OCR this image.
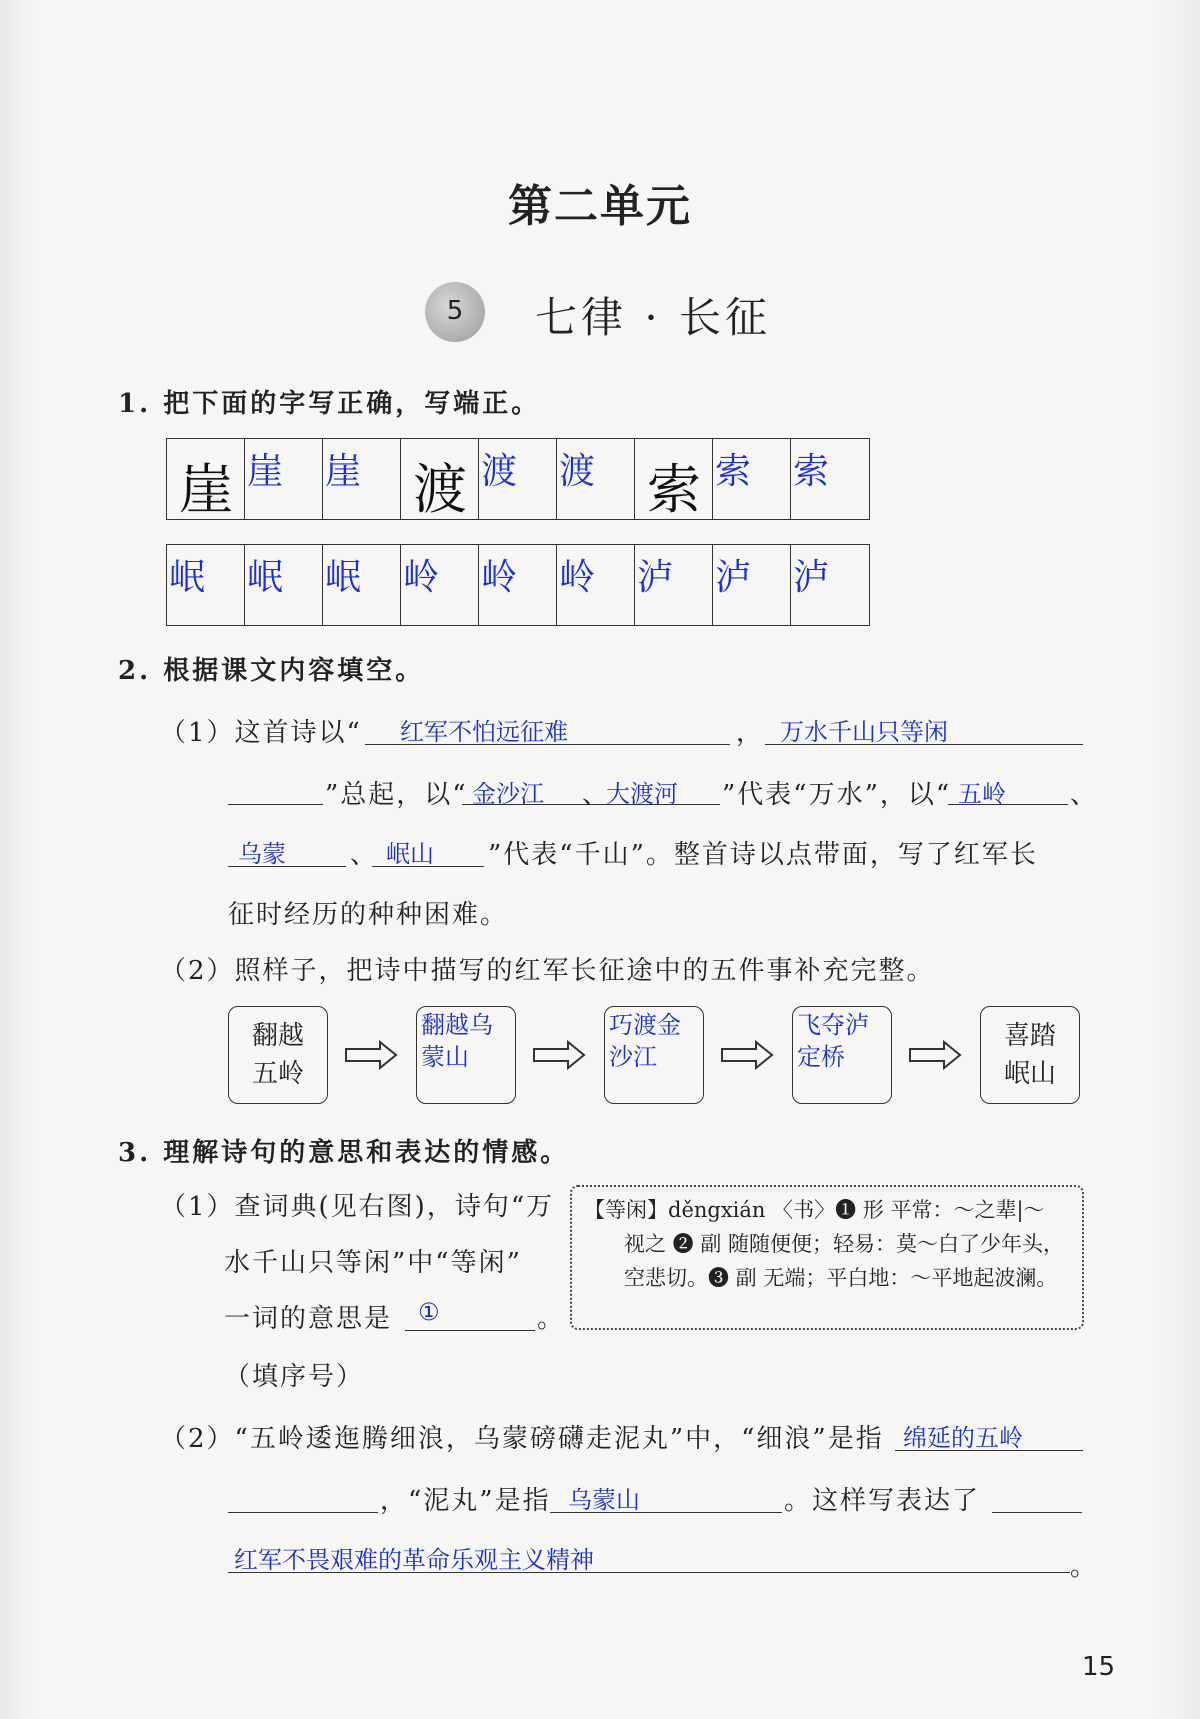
第二单元
5	七律 · 长征
1. 把下面的字写正确，写端正。
崖 崖 崖 渡 渡 渡 索 索 索
岷 岷 岷 岭 岭 岭 泸 泸 泸
2. 根据课文内容填空。
（1）这首诗以“ 红军不怕远征难	， 万水千山只等闲
”总起，以“ 金沙江 、
大渡河 ”代表“万水”，以“ 五岭 、
乌蒙 、 岷山 ”代表“千山”。整首诗以点带面，写了红军长
征时经历的种种困难。
（2）照样子，把诗中描写的红军长征途中的五件事补充完整。
翻越
五岭
翻越乌蒙山
巧渡金沙江
飞夺泸定桥
喜踏
岷山
3. 理解诗句的意思和表达的情感。
（1）查词典(见右图)，诗句“万
水千山只等闲”中“等闲”
一词的意思是 ①	。
（填序号）
【等闲】děngxián 〈书〉❶ 形 平常：～之辈|～
视之 ❷ 副 随随便便；轻易：莫～白了少年头，
空悲切。❸ 副 无端；平白地：～平地起波澜。
（2）“五岭逶迤腾细浪，乌蒙磅礴走泥丸”中，“细浪”是指 绵延的五岭
，“泥丸”是指 乌蒙山	。这样写表达了
红军不畏艰难的革命乐观主义精神	。
15
